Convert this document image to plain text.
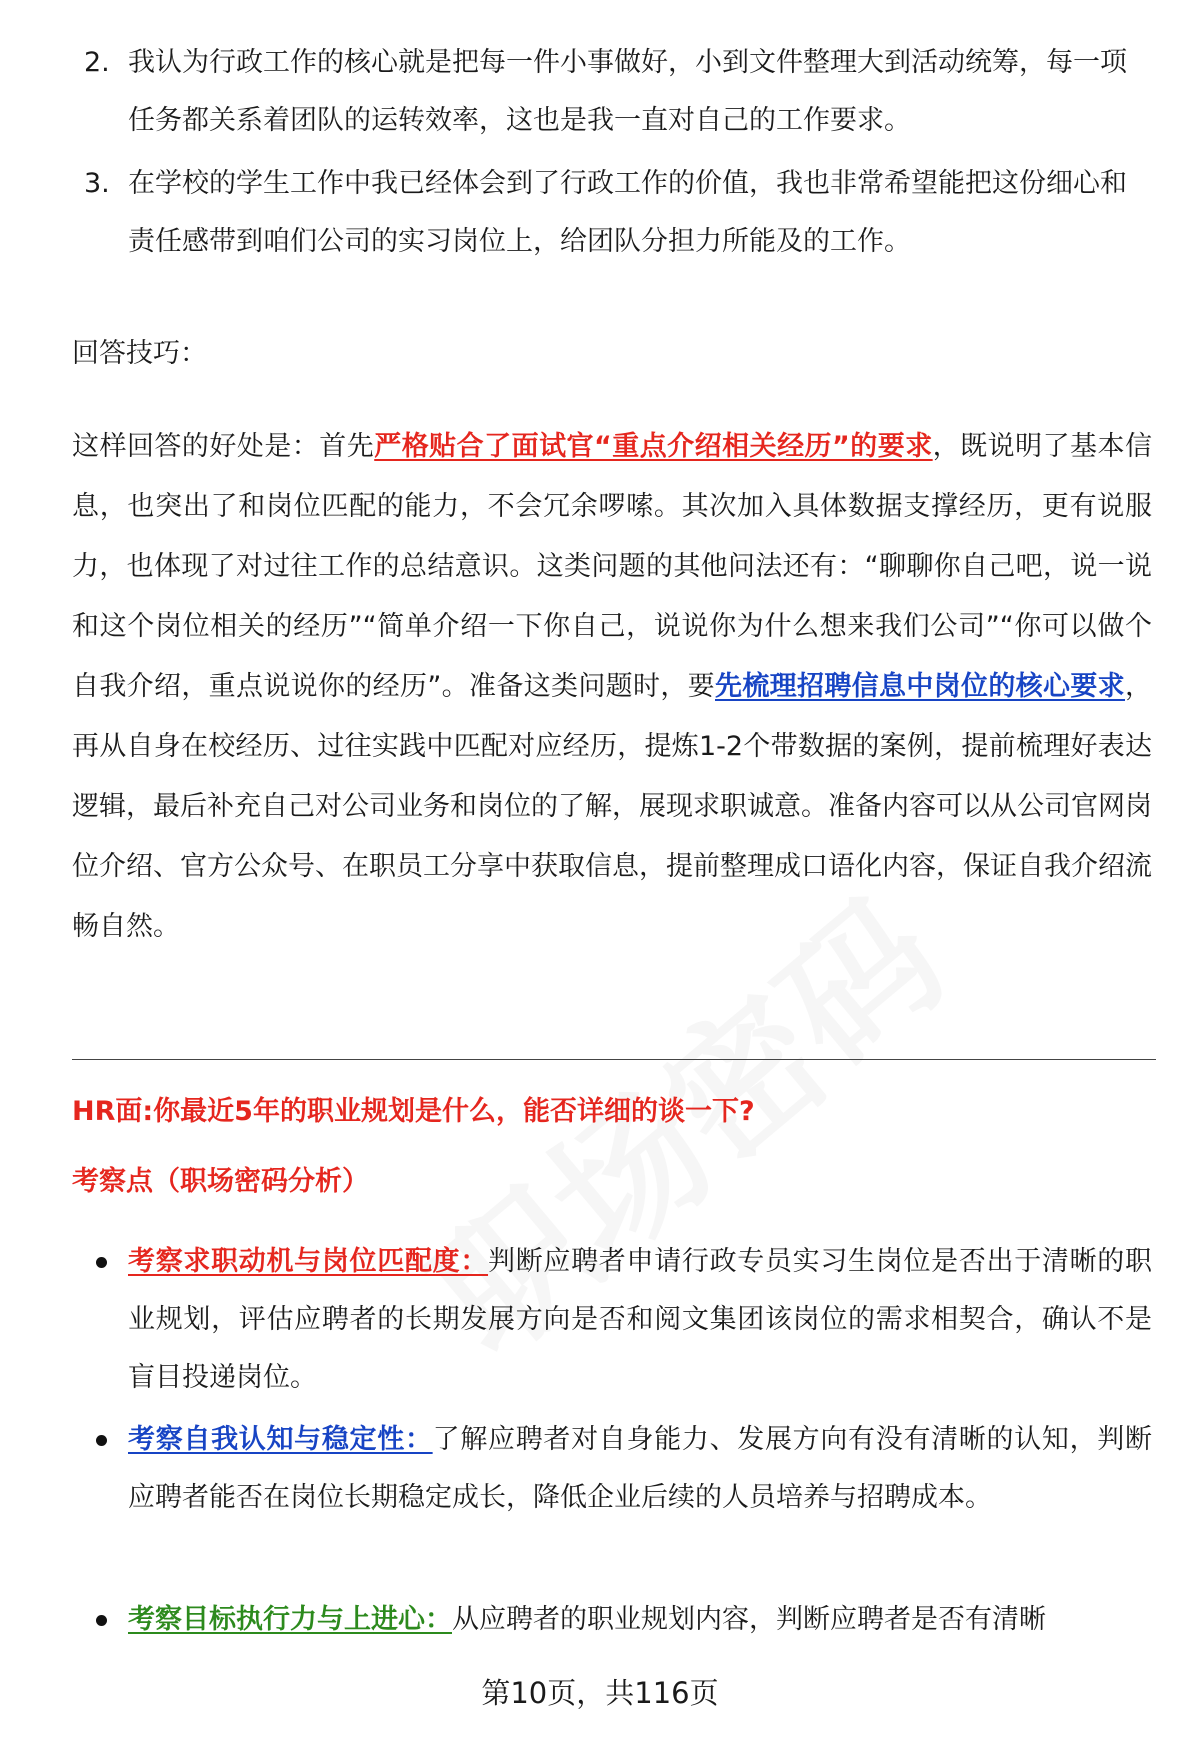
2. 我认为行政工作的核心就是把每一件小事做好，小到文件整理大到活动统筹，每一项任务都关系着团队的运转效率，这也是我一直对自己的工作要求。
3. 在学校的学生工作中我已经体会到了行政工作的价值，我也非常希望能把这份细心和责任感带到咱们公司的实习岗位上，给团队分担力所能及的工作。
回答技巧：
这样回答的好处是：首先严格贴合了面试官“重点介绍相关经历”的要求，既说明了基本信息，也突出了和岗位匹配的能力，不会冗余啰嗦。其次加入具体数据支撑经历，更有说服力，也体现了对过往工作的总结意识。这类问题的其他问法还有：“聊聊你自己吧，说一说和这个岗位相关的经历”“简单介绍一下你自己，说说你为什么想来我们公司”“你可以做个自我介绍，重点说说你的经历”。准备这类问题时，要先梳理招聘信息中岗位的核心要求，再从自身在校经历、过往实践中匹配对应经历，提炼1-2个带数据的案例，提前梳理好表达逻辑，最后补充自己对公司业务和岗位的了解，展现求职诚意。准备内容可以从公司官网岗位介绍、官方公众号、在职员工分享中获取信息，提前整理成口语化内容，保证自我介绍流畅自然。
HR面:你最近5年的职业规划是什么，能否详细的谈一下?
考察点（职场密码分析）
考察求职动机与岗位匹配度：判断应聘者申请行政专员实习生岗位是否出于清晰的职业规划，评估应聘者的长期发展方向是否和阅文集团该岗位的需求相契合，确认不是盲目投递岗位。
考察自我认知与稳定性：了解应聘者对自身能力、发展方向有没有清晰的认知，判断应聘者能否在岗位长期稳定成长，降低企业后续的人员培养与招聘成本。
考察目标执行力与上进心：从应聘者的职业规划内容，判断应聘者是否有清晰
第10页，共116页
